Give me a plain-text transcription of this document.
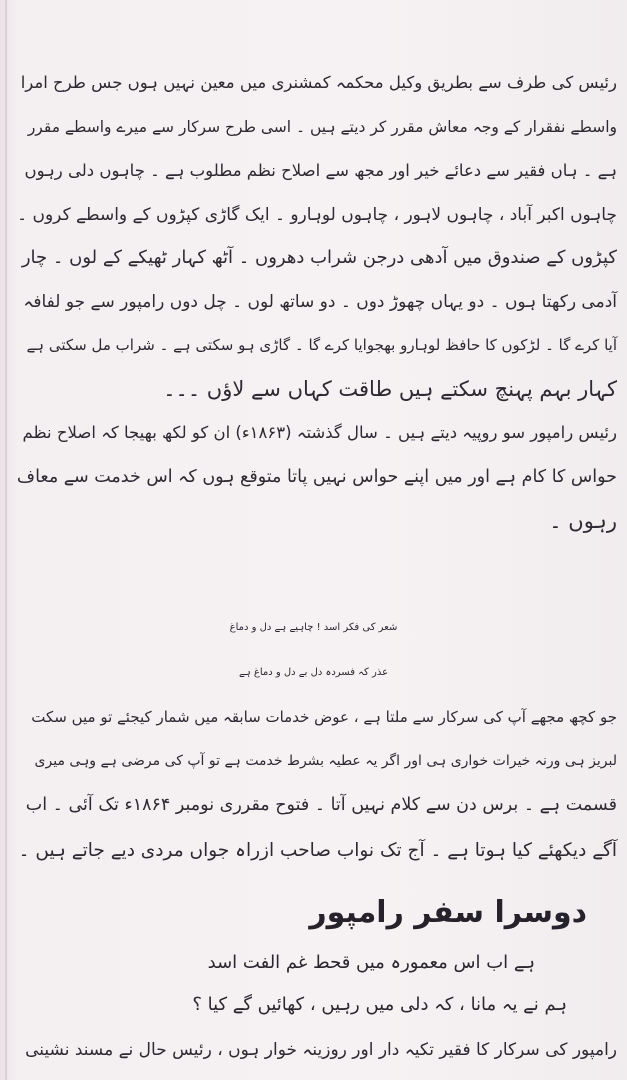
رئیس کی طرف سے بطریق وکیل محکمہ کمشنری میں معین نہیں ہوں جس طرح امرا
واسطے نفقرار کے وجہ معاش مقرر کر دیتے ہیں ۔ اسی طرح سرکار سے میرے واسطے مقرر
ہے ۔ ہاں فقیر سے دعائے خیر اور مجھ سے اصلاح نظم مطلوب ہے ۔ چاہوں دلی رہوں
چاہوں اکبر آباد ، چاہوں لاہور ، چاہوں لوہارو ۔ ایک گاڑی کپڑوں کے واسطے کروں ۔
کپڑوں کے صندوق میں آدھی درجن شراب دھروں ۔ آٹھ کہار ٹھیکے کے لوں ۔ چار
آدمی رکھتا ہوں ۔ دو یہاں چھوڑ دوں ۔ دو ساتھ لوں ۔ چل دوں رامپور سے جو لفافہ
آیا کرے گا ۔ لڑکوں کا حافظ لوہارو بھجوایا کرے گا ۔ گاڑی ہو سکتی ہے ۔ شراب مل سکتی ہے
کہار بہم پہنچ سکتے ہیں طاقت کہاں سے لاؤں ۔۔۔
رئیس رامپور سو روپیہ دیتے ہیں ۔ سال گذشتہ (۱۸۶۳ء) ان کو لکھ بھیجا کہ اصلاح نظم
حواس کا کام ہے اور میں اپنے حواس نہیں پاتا متوقع ہوں کہ اس خدمت سے معاف
رہوں ۔
شعر کی فکر اسد ! چاہیے ہے دل و دماغ
عذر کہ فسردہ دل بے دل و دماغ ہے
جو کچھ مجھے آپ کی سرکار سے ملتا ہے ، عوض خدمات سابقہ میں شمار کیجئے تو میں سکت
لبریز ہی ورنہ خیرات خواری ہی اور اگر یہ عطیہ بشرط خدمت ہے تو آپ کی مرضی ہے وہی میری
قسمت ہے ۔ برس دن سے کلام نہیں آتا ۔ فتوح مقرری نومبر ۱۸۶۴ء تک آئی ۔ اب
آگے دیکھئے کیا ہوتا ہے ۔ آج تک نواب صاحب ازراہ جواں مردی دیے جاتے ہیں ۔
دوسرا سفر رامپور
ہے اب اس معمورہ میں قحط غم الفت اسد
ہم نے یہ مانا ، کہ دلی میں رہیں ، کھائیں گے کیا ؟
رامپور کی سرکار کا فقیر تکیہ دار اور روزینہ خوار ہوں ، رئیس حال نے مسند نشینی
